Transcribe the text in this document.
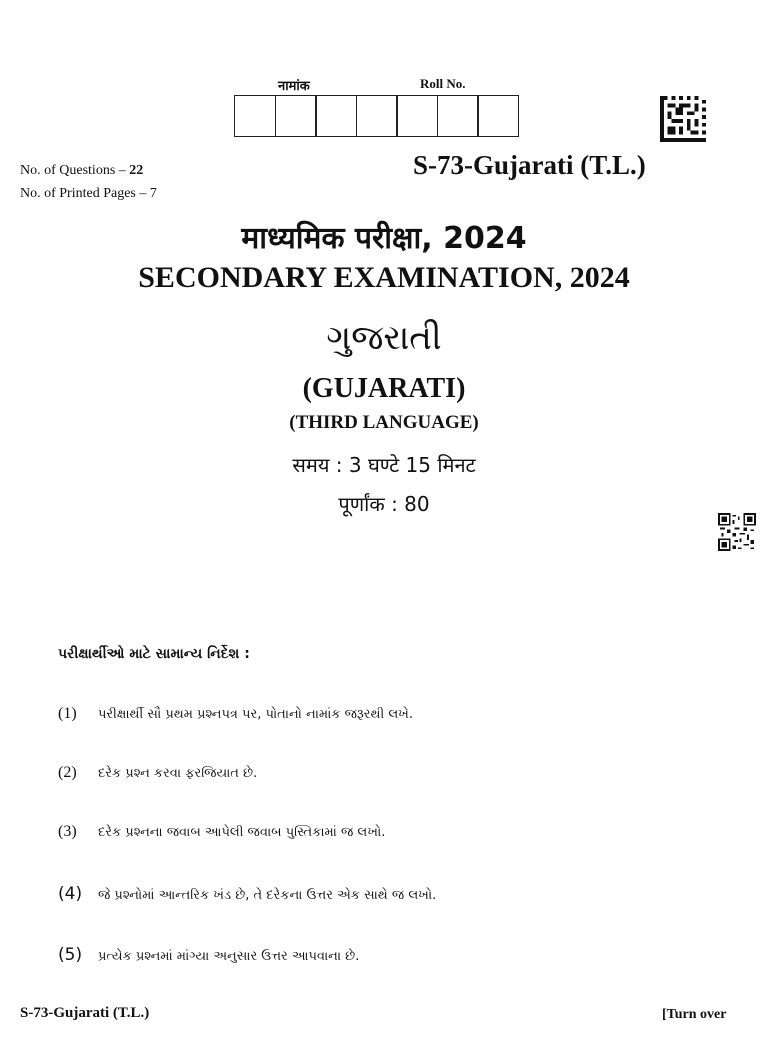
नामांक	Roll No.
No. of Questions – 22
No. of Printed Pages – 7
S-73-Gujarati (T.L.)
माध्यमिक परीक्षा, 2024
SECONDARY EXAMINATION, 2024
ગુજરાતી
(GUJARATI)
(THIRD LANGUAGE)
समय : 3 घण्टे 15 मिनट
पूर्णांक : 80
પરીક્ષાર્થીઓ માટે સામાન્ય નિર્દેશ :
(1)	પરીક્ષાર્થી સૌ પ્રથમ પ્રશ્નપત્ર પર, પોતાનો નામાંક જરૂરથી લખે.
(2)	દરેક પ્રશ્ન કરવા ફરજિયાત છે.
(3)	દરેક પ્રશ્નના જવાબ આપેલી જવાબ પુસ્તિકામાં જ લખો.
(4)	જે પ્રશ્નોમાં આન્તરિક ખંડ છે, તે દરેકના ઉત્તર એક સાથે જ લખો.
(5)	પ્રત્યેક પ્રશ્નમાં માંગ્યા અનુસાર ઉત્તર આપવાના છે.
S-73-Gujarati (T.L.)	[Turn over
